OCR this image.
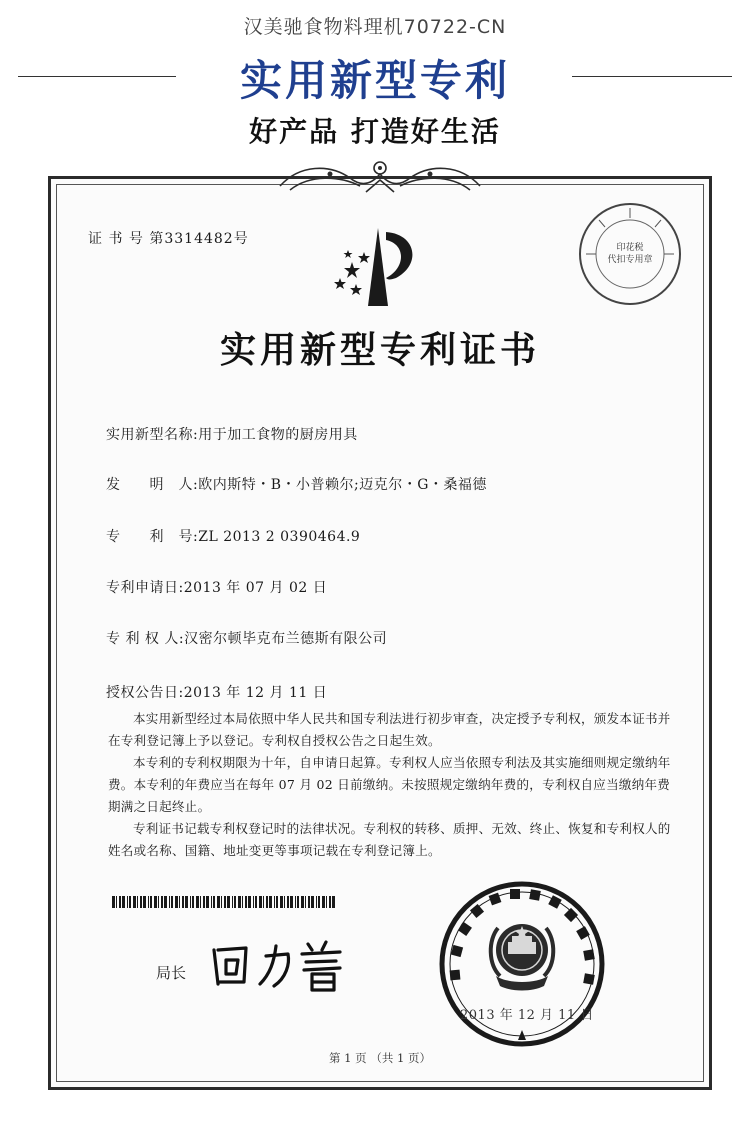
汉美驰食物料理机70722-CN
实用新型专利
好产品 打造好生活
印花税
代扣专用章
证 书 号 第3314482号
实用新型专利证书
实用新型名称:用于加工食物的厨房用具
发　　明　人:欧内斯特・B・小普赖尔;迈克尔・G・桑福德
专　　利　号:ZL 2013 2 0390464.9
专利申请日:2013 年 07 月 02 日
专 利 权 人:汉密尔顿毕克布兰德斯有限公司
授权公告日:2013 年 12 月 11 日
本实用新型经过本局依照中华人民共和国专利法进行初步审查，决定授予专利权，颁发本证书并在专利登记簿上予以登记。专利权自授权公告之日起生效。
本专利的专利权期限为十年，自申请日起算。专利权人应当依照专利法及其实施细则规定缴纳年费。本专利的年费应当在每年 07 月 02 日前缴纳。未按照规定缴纳年费的，专利权自应当缴纳年费期满之日起终止。
专利证书记载专利权登记时的法律状况。专利权的转移、质押、无效、终止、恢复和专利权人的姓名或名称、国籍、地址变更等事项记载在专利登记簿上。
局长
2013 年 12 月 11 日
第 1 页 （共 1 页）
